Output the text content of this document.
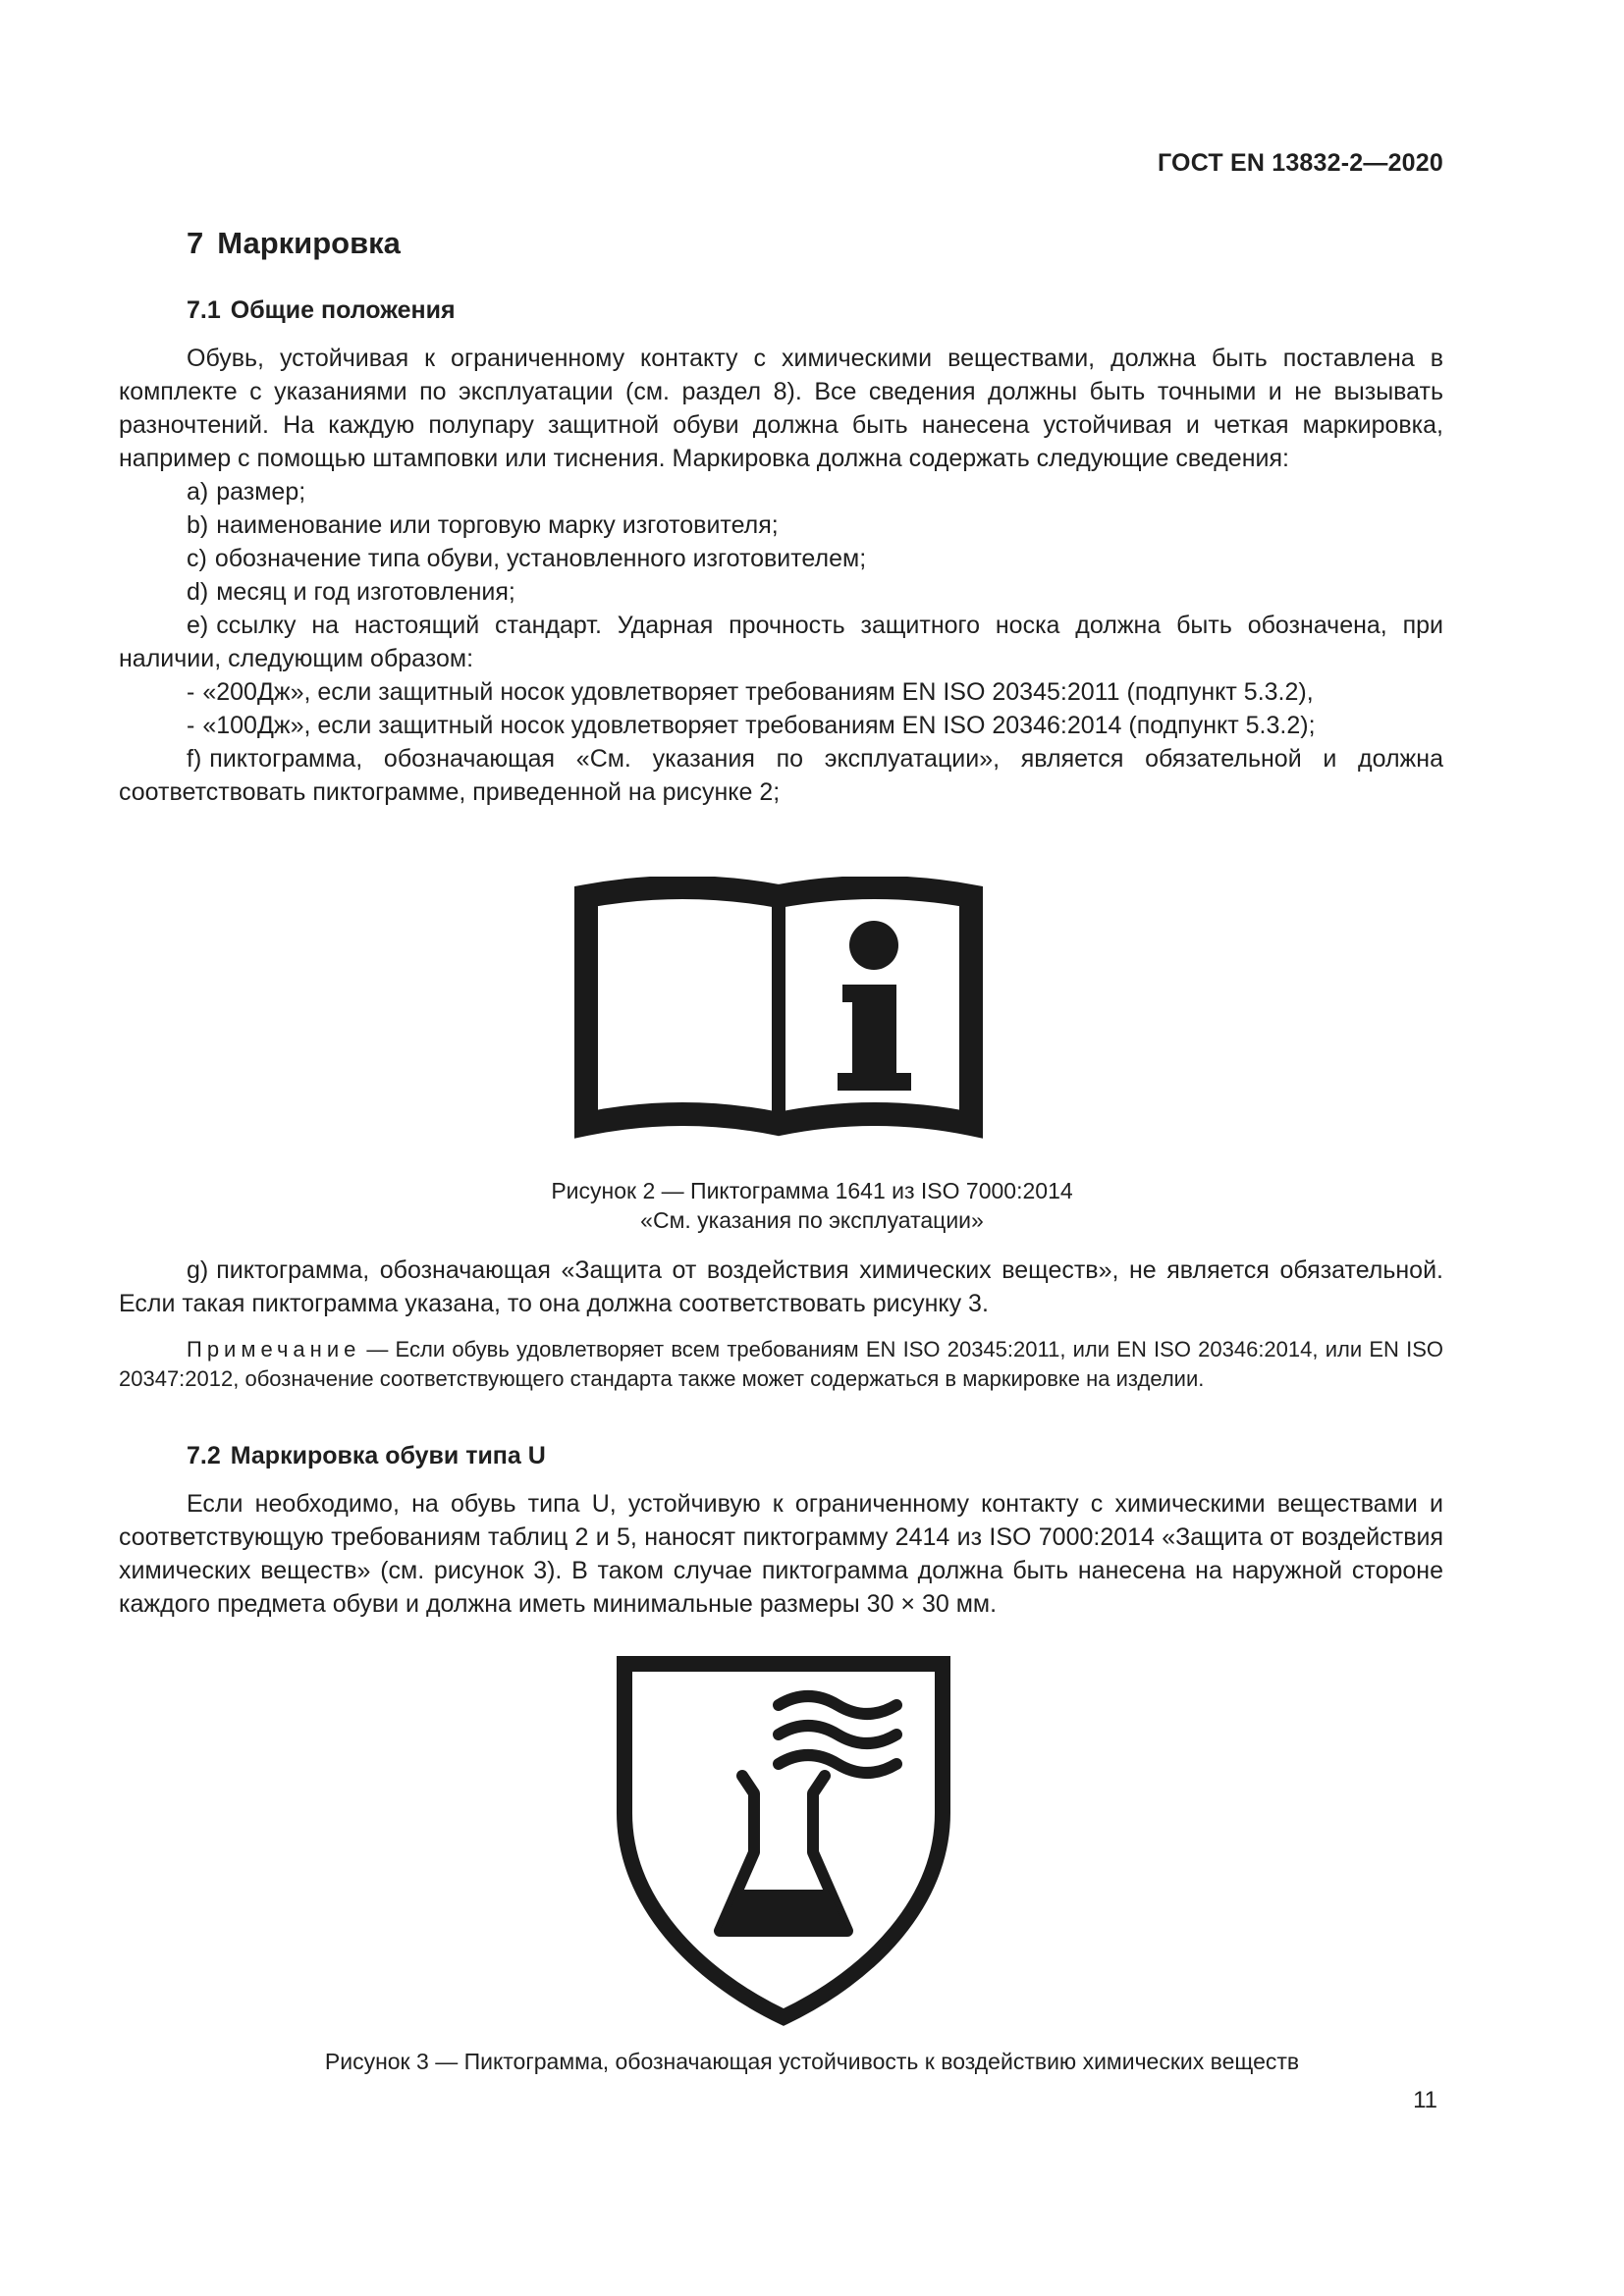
ГОСТ EN 13832-2—2020
7 Маркировка
7.1 Общие положения

Обувь, устойчивая к ограниченному контакту с химическими веществами, должна быть поставлена в комплекте с указаниями по эксплуатации (см. раздел 8). Все сведения должны быть точными и не вызывать разночтений. На каждую полупару защитной обуви должна быть нанесена устойчивая и четкая маркировка, например с помощью штамповки или тиснения. Маркировка должна содержать следующие сведения:

a) размер;

b) наименование или торговую марку изготовителя;

c) обозначение типа обуви, установленного изготовителем;

d) месяц и год изготовления;

e) ссылку на настоящий стандарт. Ударная прочность защитного носка должна быть обозначена, при наличии, следующим образом:

- «200Дж», если защитный носок удовлетворяет требованиям EN ISO 20345:2011 (подпункт 5.3.2),

- «100Дж», если защитный носок удовлетворяет требованиям EN ISO 20346:2014 (подпункт 5.3.2);

f) пиктограмма, обозначающая «См. указания по эксплуатации», является обязательной и должна соответствовать пиктограмме, приведенной на рисунке 2;

Рисунок 2 — Пиктограмма 1641 из ISO 7000:2014
«См. указания по эксплуатации»

g) пиктограмма, обозначающая «Защита от воздействия химических веществ», не является обязательной. Если такая пиктограмма указана, то она должна соответствовать рисунку 3.

Примечание — Если обувь удовлетворяет всем требованиям EN ISO 20345:2011, или EN ISO 20346:2014, или EN ISO 20347:2012, обозначение соответствующего стандарта также может содержаться в маркировке на изделии.

7.2 Маркировка обуви типа U

Если необходимо, на обувь типа U, устойчивую к ограниченному контакту с химическими веществами и соответствующую требованиям таблиц 2 и 5, наносят пиктограмму 2414 из ISO 7000:2014 «Защита от воздействия химических веществ» (см. рисунок 3). В таком случае пиктограмма должна быть нанесена на наружной стороне каждого предмета обуви и должна иметь минимальные размеры 30 × 30 мм.

Рисунок 3 — Пиктограмма, обозначающая устойчивость к воздействию химических веществ
11
